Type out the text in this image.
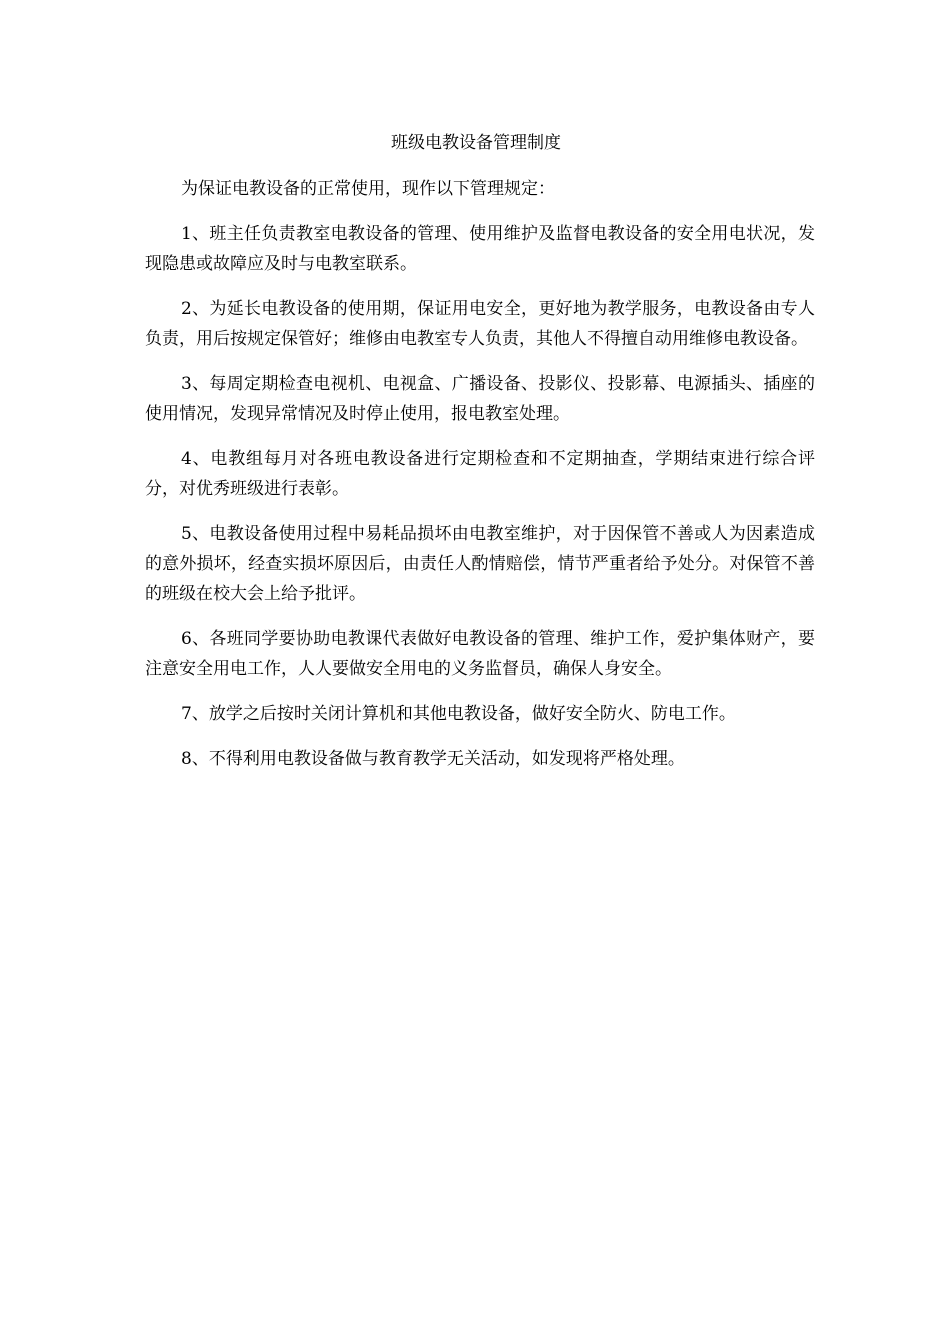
班级电教设备管理制度

为保证电教设备的正常使用，现作以下管理规定：

1、班主任负责教室电教设备的管理、使用维护及监督电教设备的安全用电状况，发现隐患或故障应及时与电教室联系。

2、为延长电教设备的使用期，保证用电安全，更好地为教学服务，电教设备由专人负责，用后按规定保管好；维修由电教室专人负责，其他人不得擅自动用维修电教设备。

3、每周定期检查电视机、电视盒、广播设备、投影仪、投影幕、电源插头、插座的使用情况，发现异常情况及时停止使用，报电教室处理。

4、电教组每月对各班电教设备进行定期检查和不定期抽查，学期结束进行综合评分，对优秀班级进行表彰。

5、电教设备使用过程中易耗品损坏由电教室维护，对于因保管不善或人为因素造成的意外损坏，经查实损坏原因后，由责任人酌情赔偿，情节严重者给予处分。对保管不善的班级在校大会上给予批评。

6、各班同学要协助电教课代表做好电教设备的管理、维护工作，爱护集体财产，要注意安全用电工作，人人要做安全用电的义务监督员，确保人身安全。

7、放学之后按时关闭计算机和其他电教设备，做好安全防火、防电工作。

8、不得利用电教设备做与教育教学无关活动，如发现将严格处理。
